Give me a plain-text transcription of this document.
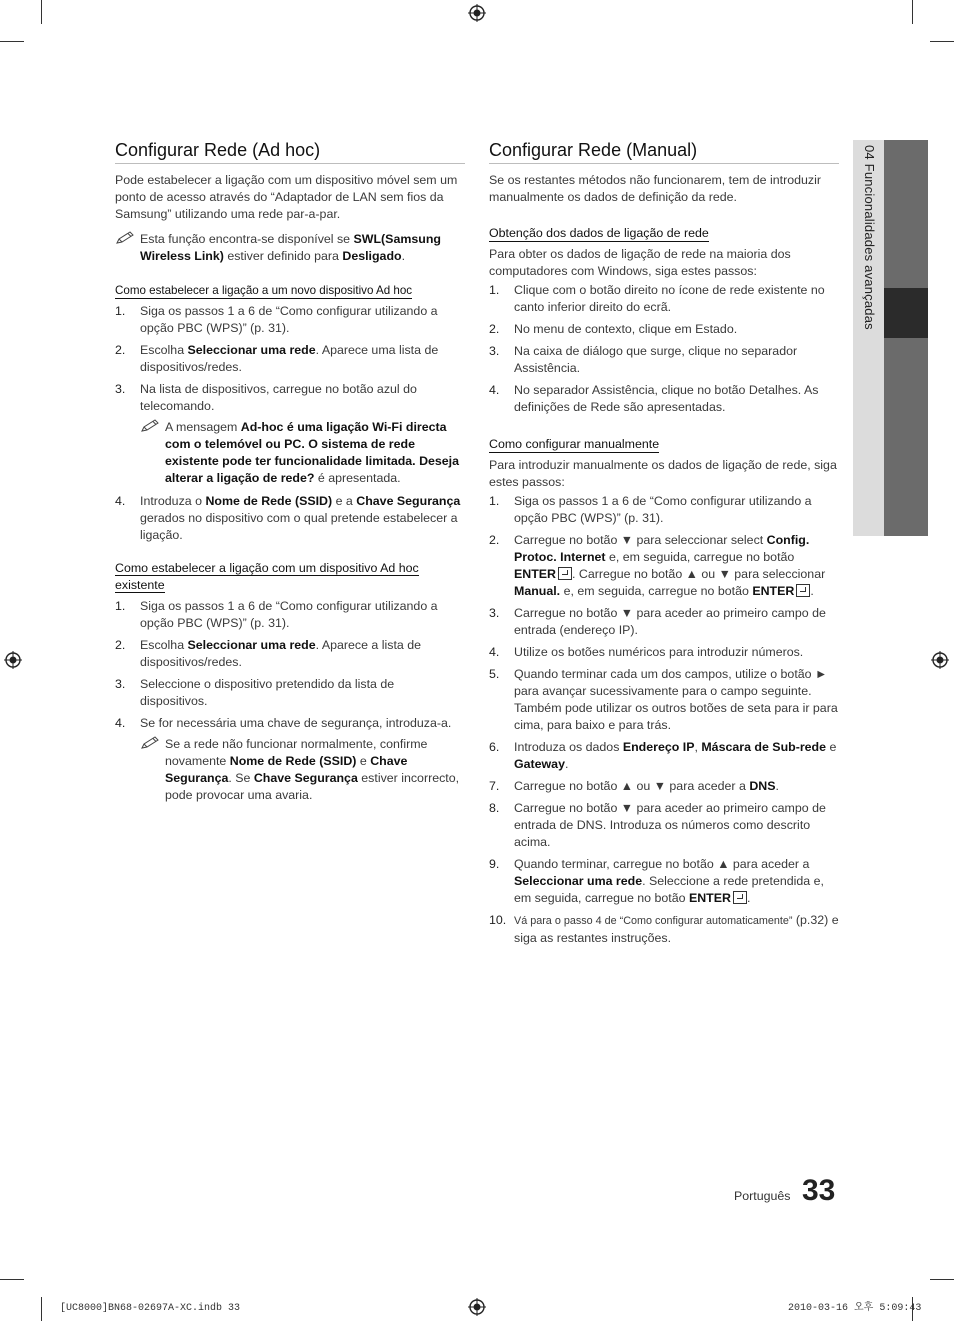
04 Funcionalidades avançadas
Configurar Rede (Ad hoc)

Pode estabelecer a ligação com um dispositivo móvel sem um ponto de acesso através do “Adaptador de LAN sem fios da Samsung” utilizando uma rede par-a-par.

Esta função encontra-se disponível se SWL(Samsung Wireless Link) estiver definido para Desligado.
Como estabelecer a ligação a um novo dispositivo Ad hoc
1. Siga os passos 1 a 6 de “Como configurar utilizando a opção PBC (WPS)” (p. 31).
2. Escolha Seleccionar uma rede. Aparece uma lista de dispositivos/redes.
3. Na lista de dispositivos, carregue no botão azul do telecomando.
A mensagem Ad-hoc é uma ligação Wi-Fi directa com o telemóvel ou PC. O sistema de rede existente pode ter funcionalidade limitada. Deseja alterar a ligação de rede? é apresentada.
4. Introduza o Nome de Rede (SSID) e a Chave Segurança gerados no dispositivo com o qual pretende estabelecer a ligação.
Como estabelecer a ligação com um dispositivo Ad hoc existente
1. Siga os passos 1 a 6 de “Como configurar utilizando a opção PBC (WPS)” (p. 31).
2. Escolha Seleccionar uma rede. Aparece a lista de dispositivos/redes.
3. Seleccione o dispositivo pretendido da lista de dispositivos.
4. Se for necessária uma chave de segurança, introduza-a.
Se a rede não funcionar normalmente, confirme novamente Nome de Rede (SSID) e Chave Segurança. Se Chave Segurança estiver incorrecto, pode provocar uma avaria.
Configurar Rede (Manual)

Se os restantes métodos não funcionarem, tem de introduzir manualmente os dados de definição da rede.

Obtenção dos dados de ligação de rede

Para obter os dados de ligação de rede na maioria dos computadores com Windows, siga estes passos:

1. Clique com o botão direito no ícone de rede existente no canto inferior direito do ecrã.
2. No menu de contexto, clique em Estado.
3. Na caixa de diálogo que surge, clique no separador Assistência.
4. No separador Assistência, clique no botão Detalhes. As definições de Rede são apresentadas.
Como configurar manualmente

Para introduzir manualmente os dados de ligação de rede, siga estes passos:

1. Siga os passos 1 a 6 de “Como configurar utilizando a opção PBC (WPS)” (p. 31).
2. Carregue no botão ▼ para seleccionar select Config. Protoc. Internet e, em seguida, carregue no botão ENTER . Carregue no botão ▲ ou ▼ para seleccionar Manual. e, em seguida, carregue no botão ENTER .
3. Carregue no botão ▼ para aceder ao primeiro campo de entrada (endereço IP).
4. Utilize os botões numéricos para introduzir números.
5. Quando terminar cada um dos campos, utilize o botão ► para avançar sucessivamente para o campo seguinte. Também pode utilizar os outros botões de seta para ir para cima, para baixo e para trás.
6. Introduza os dados Endereço IP, Máscara de Sub-rede e Gateway.
7. Carregue no botão ▲ ou ▼ para aceder a DNS.
8. Carregue no botão ▼ para aceder ao primeiro campo de entrada de DNS. Introduza os números como descrito acima.
9. Quando terminar, carregue no botão ▲ para aceder a Seleccionar uma rede. Seleccione a rede pretendida e, em seguida, carregue no botão ENTER .
10. Vá para o passo 4 de “Como configurar automaticamente” (p.32) e siga as restantes instruções.
Português 33
[UC8000]BN68-02697A-XC.indb 33	2010-03-16 오후 5:09:43
